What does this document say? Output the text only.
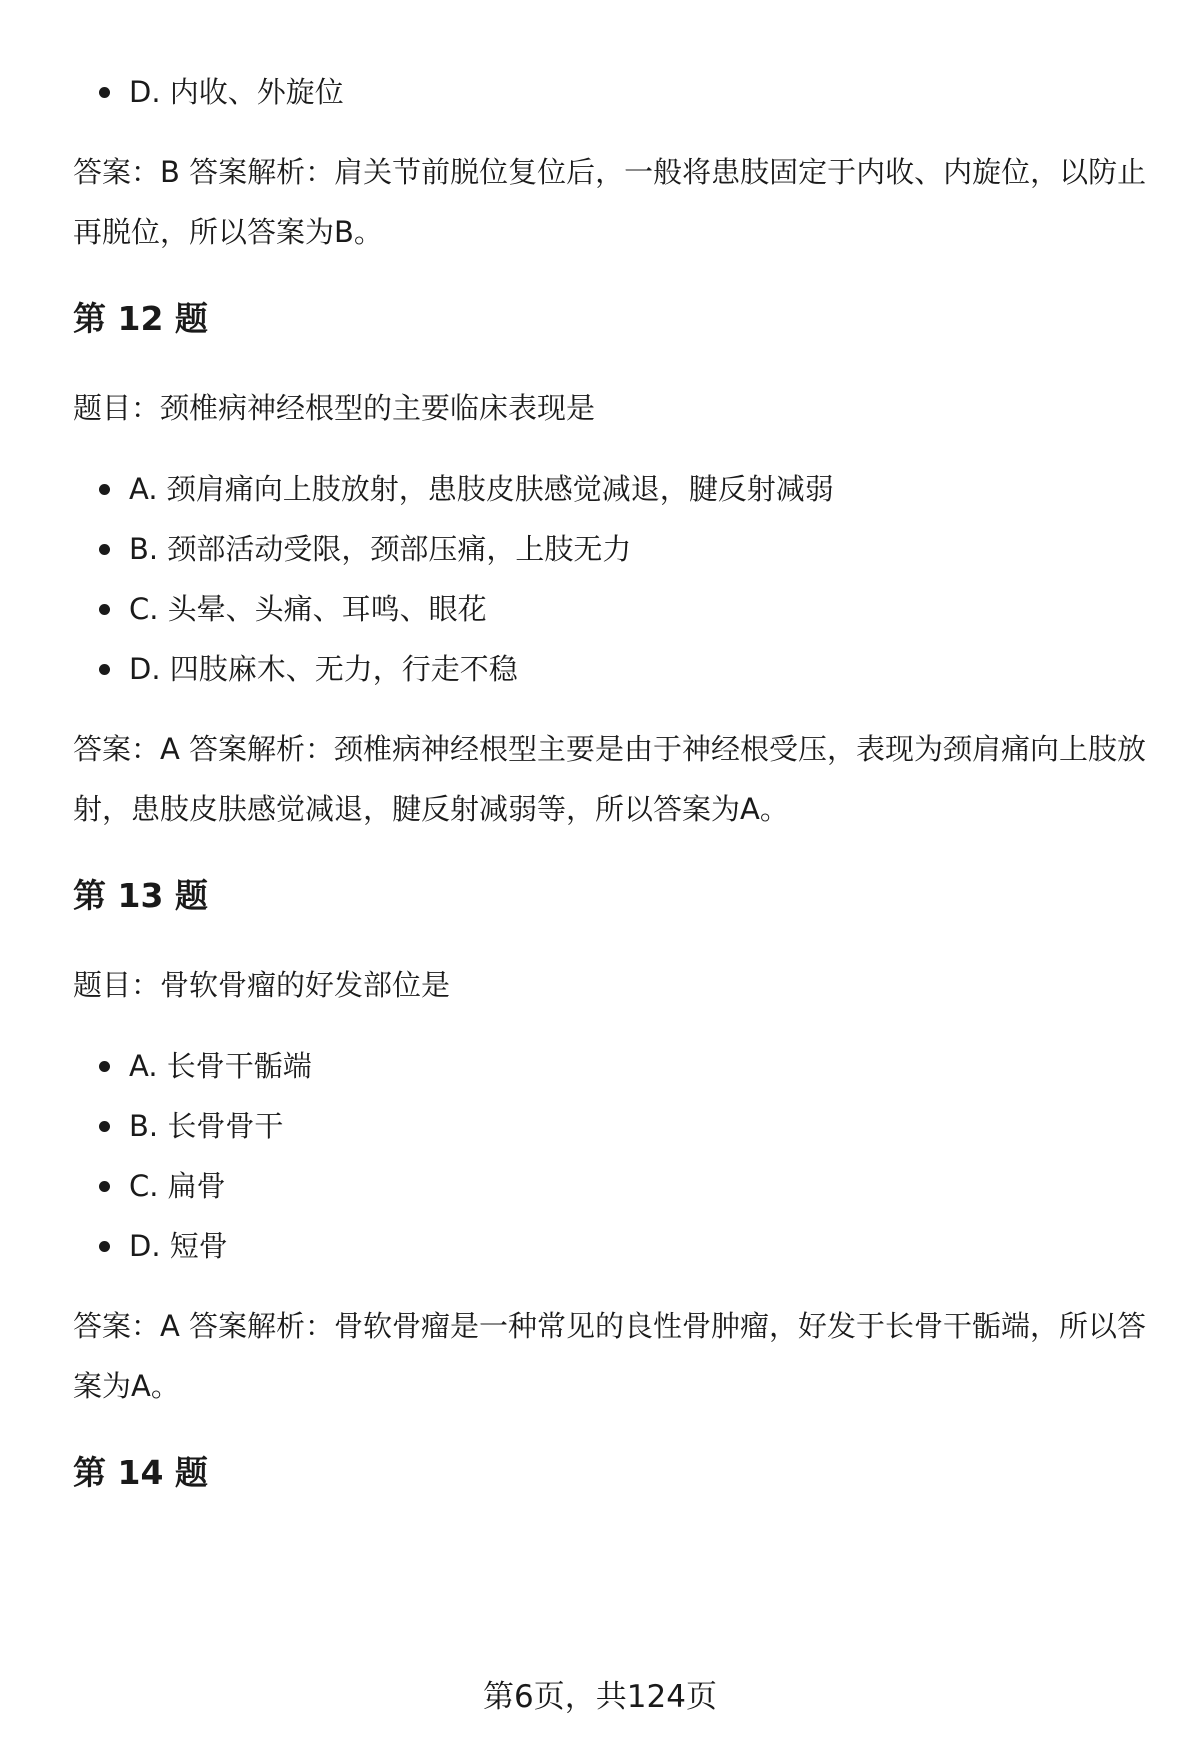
D. 内收、外旋位

答案：B 答案解析：肩关节前脱位复位后，一般将患肢固定于内收、内旋位，以防止再脱位，所以答案为B。

第 12 题

题目：颈椎病神经根型的主要临床表现是

A. 颈肩痛向上肢放射，患肢皮肤感觉减退，腱反射减弱
B. 颈部活动受限，颈部压痛，上肢无力
C. 头晕、头痛、耳鸣、眼花
D. 四肢麻木、无力，行走不稳

答案：A 答案解析：颈椎病神经根型主要是由于神经根受压，表现为颈肩痛向上肢放射，患肢皮肤感觉减退，腱反射减弱等，所以答案为A。

第 13 题

题目：骨软骨瘤的好发部位是

A. 长骨干骺端
B. 长骨骨干
C. 扁骨
D. 短骨

答案：A 答案解析：骨软骨瘤是一种常见的良性骨肿瘤，好发于长骨干骺端，所以答案为A。

第 14 题
第6页，共124页
